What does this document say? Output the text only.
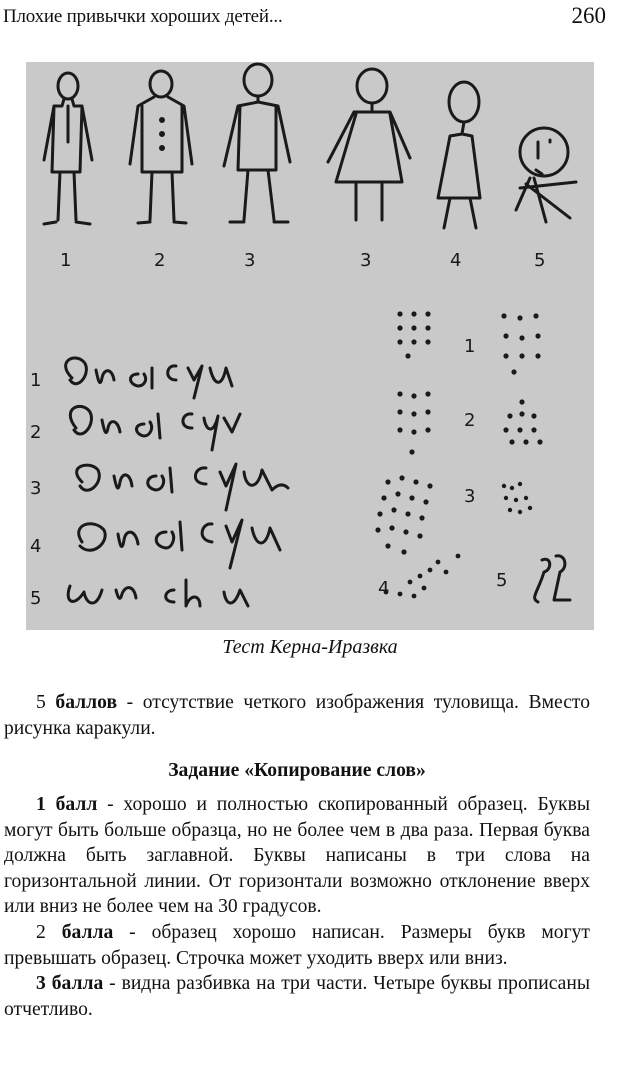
Плохие привычки хороших детей...	260
1	2	3	3	4	5
1
2
3
4
5
1
2
3
4	5
Тест Керна-Иразвка

5 баллов - отсутствие четкого изображения туловища. Вместо рисунка каракули.

Задание «Копирование слов»

1 балл - хорошо и полностью скопированный образец. Буквы могут быть больше образца, но не более чем в два раза. Первая буква должна быть заглавной. Буквы написаны в три слова на горизонтальной линии. От горизонтали возможно отклонение вверх или вниз не более чем на 30 градусов.

2 балла - образец хорошо написан. Размеры букв могут превышать образец. Строчка может уходить вверх или вниз.

3 балла - видна разбивка на три части. Четыре буквы прописаны отчетливо.
